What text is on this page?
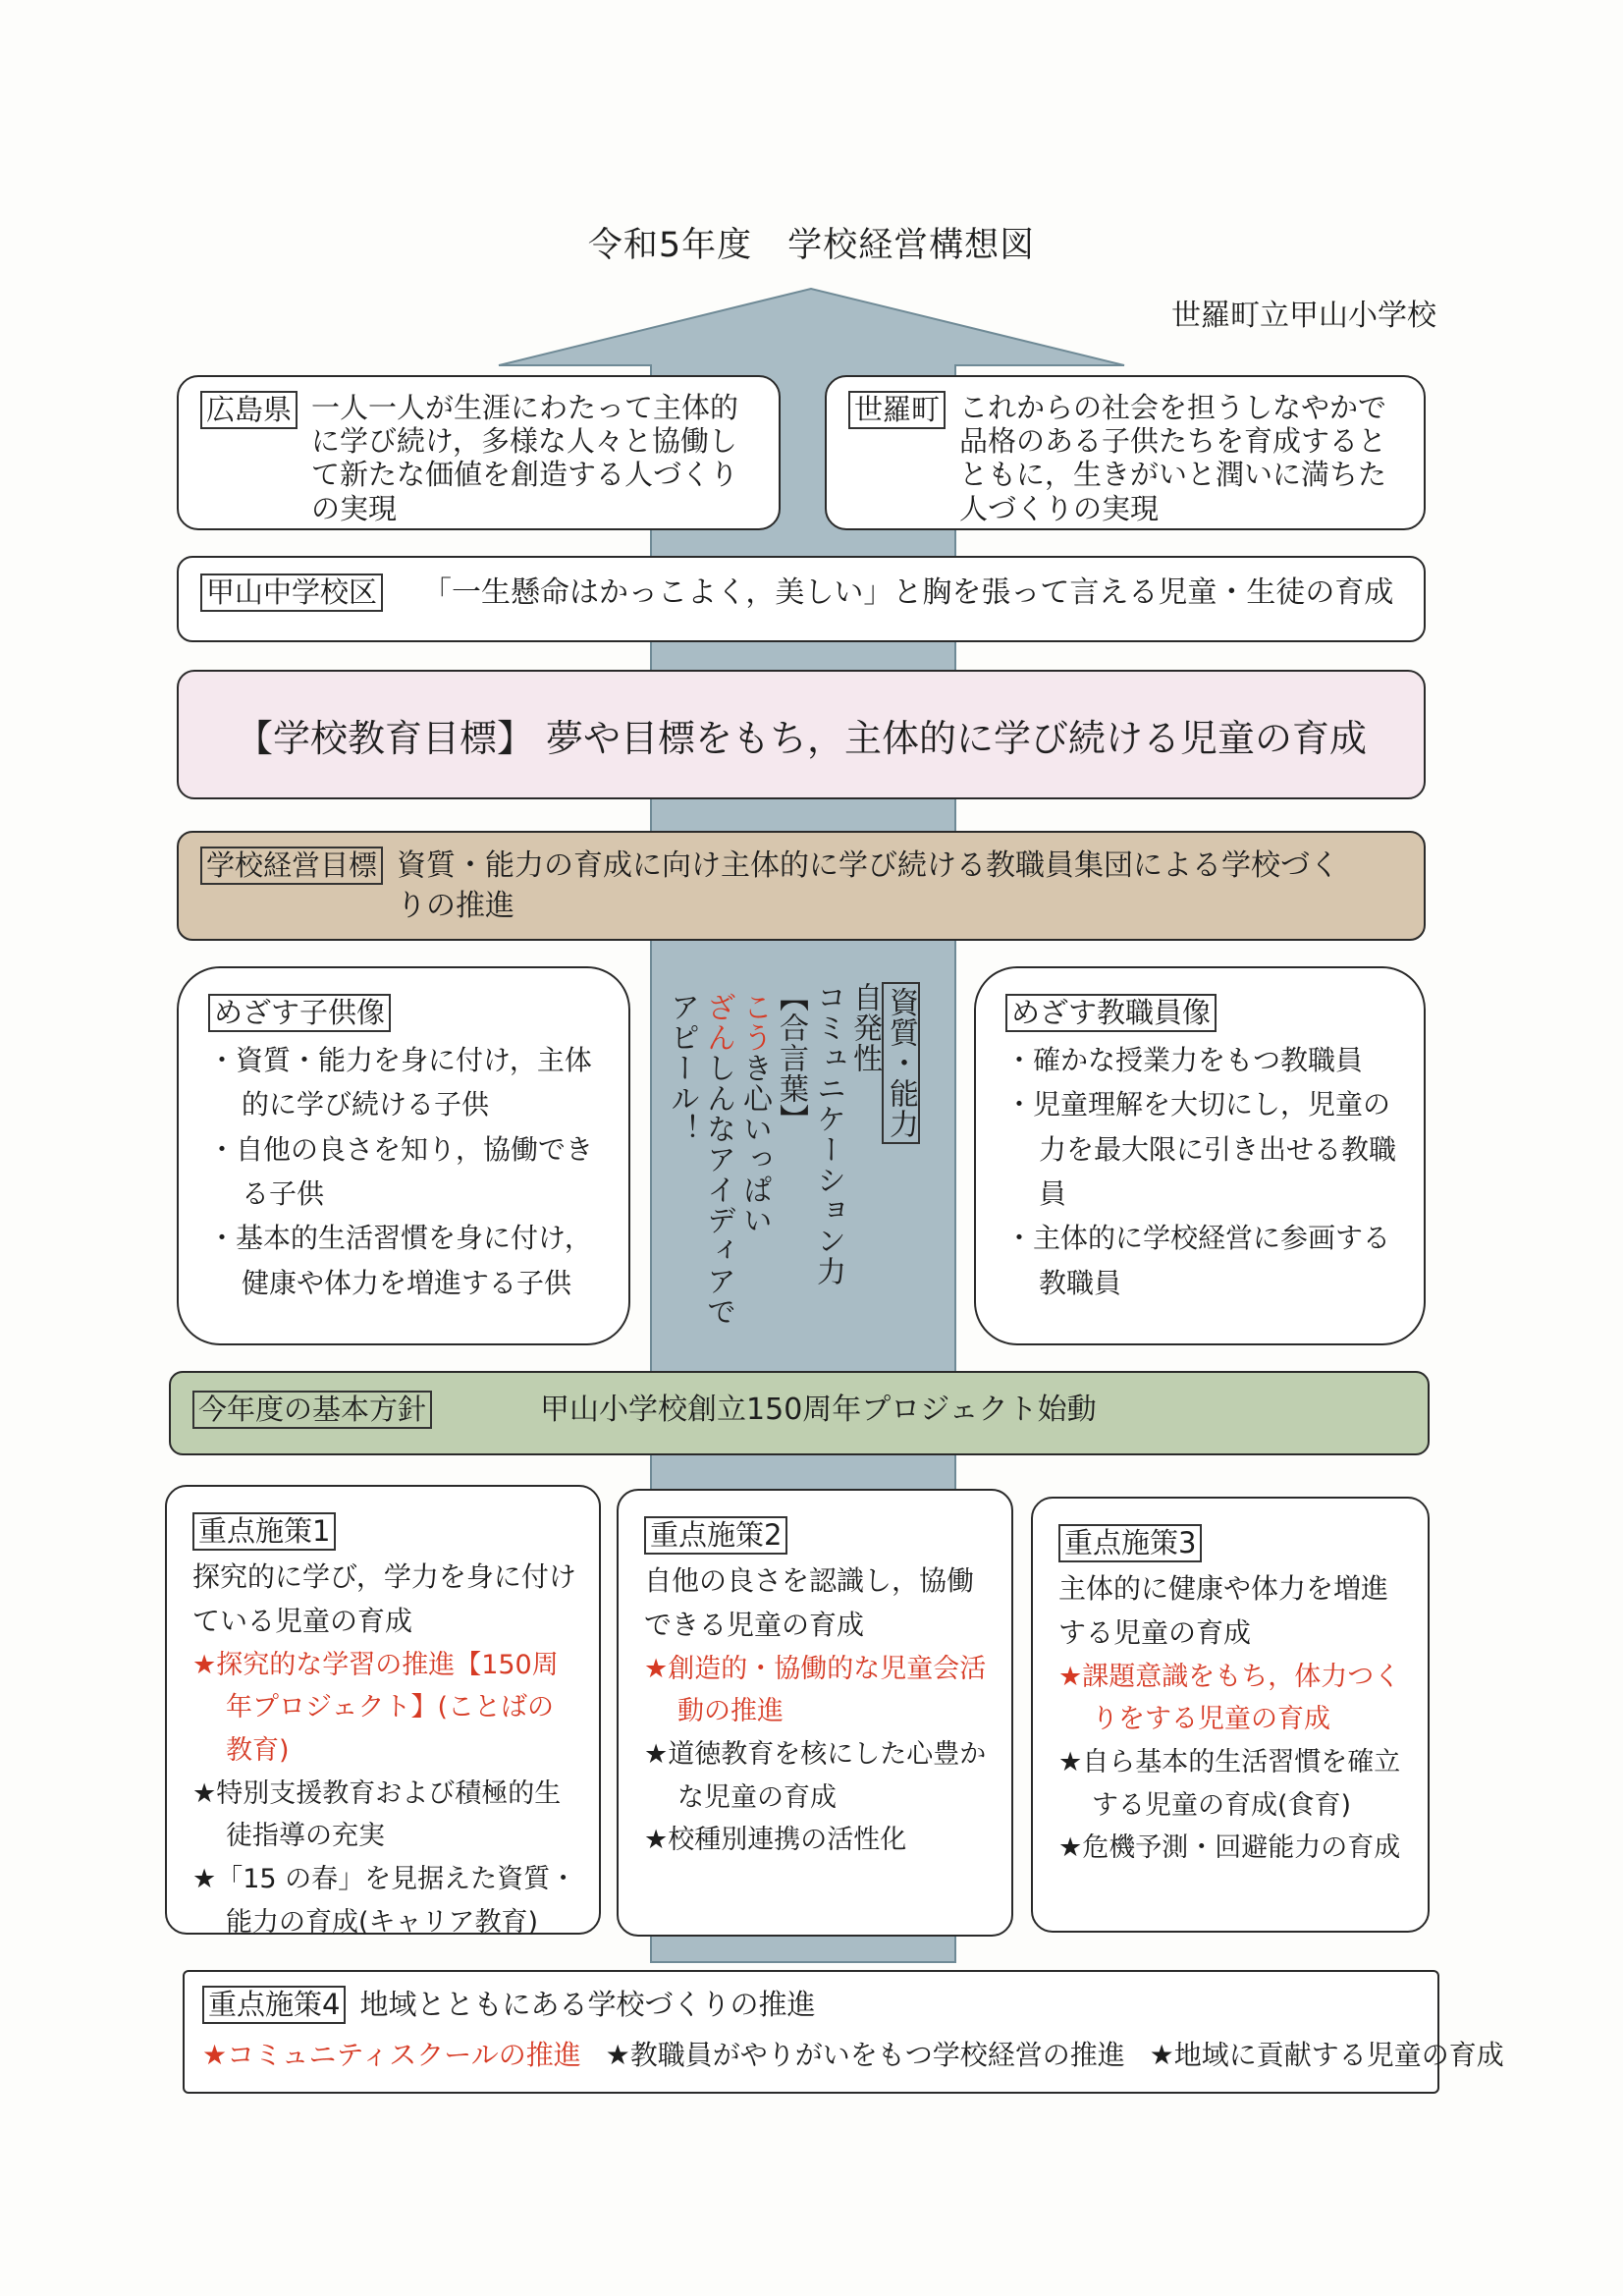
令和5年度　学校経営構想図
世羅町立甲山小学校
広島県 一人一人が生涯にわたって主体的
に学び続け，多様な人々と協働し
て新たな価値を創造する人づくり
の実現
世羅町 これからの社会を担うしなやかで
品格のある子供たちを育成すると
ともに，生きがいと潤いに満ちた
人づくりの実現
甲山中学校区 「一生懸命はかっこよく，美しい」と胸を張って言える児童・生徒の育成
【学校教育目標】 夢や目標をもち，主体的に学び続ける児童の育成
学校経営目標 資質・能力の育成に向け主体的に学び続ける教職員集団による学校づく
りの推進
めざす子供像
・資質・能力を身に付け，主体的に学び続ける子供
・自他の良さを知り，協働できる子供
・基本的生活習慣を身に付け，健康や体力を増進する子供
めざす教職員像
・確かな授業力をもつ教職員
・児童理解を大切にし，児童の力を最大限に引き出せる教職員
・主体的に学校経営に参画する教職員
資質・能力
自発性
コミュニケーション力
【合言葉】
こうき心いっぱい
ざんしんなアイディアで
アピール！
今年度の基本方針	甲山小学校創立150周年プロジェクト始動
重点施策1
探究的に学び，学力を身に付けている児童の育成
★探究的な学習の推進【150周年プロジェクト】(ことばの教育)
★特別支援教育および積極的生徒指導の充実
★「15 の春」を見据えた資質・能力の育成(キャリア教育)
重点施策2
自他の良さを認識し，協働できる児童の育成
★創造的・協働的な児童会活動の推進
★道徳教育を核にした心豊かな児童の育成
★校種別連携の活性化
重点施策3
主体的に健康や体力を増進する児童の育成
★課題意識をもち，体力つくりをする児童の育成
★自ら基本的生活習慣を確立する児童の育成(食育)
★危機予測・回避能力の育成
重点施策4 地域とともにある学校づくりの推進
★コミュニティスクールの推進 ★教職員がやりがいをもつ学校経営の推進 ★地域に貢献する児童の育成
